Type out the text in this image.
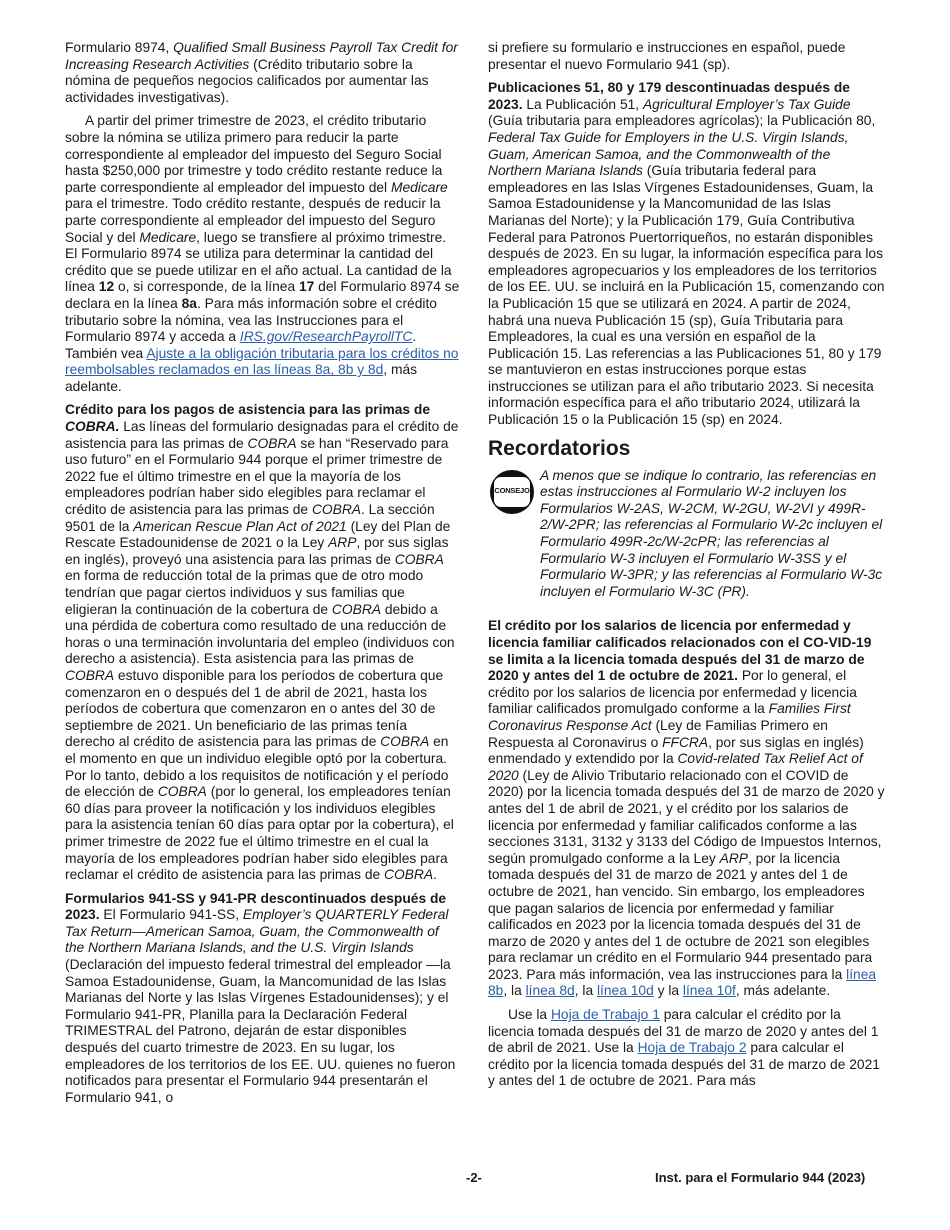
Formulario 8974, Qualified Small Business Payroll Tax Credit for Increasing Research Activities (Crédito tributario sobre la nómina de pequeños negocios calificados por aumentar las actividades investigativas).

A partir del primer trimestre de 2023, el crédito tributario sobre la nómina se utiliza primero para reducir la parte correspondiente al empleador del impuesto del Seguro Social hasta $250,000 por trimestre y todo crédito restante reduce la parte correspondiente al empleador del impuesto del Medicare para el trimestre. Todo crédito restante, después de reducir la parte correspondiente al empleador del impuesto del Seguro Social y del Medicare, luego se transfiere al próximo trimestre. El Formulario 8974 se utiliza para determinar la cantidad del crédito que se puede utilizar en el año actual. La cantidad de la línea 12 o, si corresponde, de la línea 17 del Formulario 8974 se declara en la línea 8a. Para más información sobre el crédito tributario sobre la nómina, vea las Instrucciones para el Formulario 8974 y acceda a IRS.gov/ResearchPayrollTC. También vea Ajuste a la obligación tributaria para los créditos no reembolsables reclamados en las líneas 8a, 8b y 8d, más adelante.

Crédito para los pagos de asistencia para las primas de COBRA. Las líneas del formulario designadas para el crédito de asistencia para las primas de COBRA se han “Reservado para uso futuro” en el Formulario 944 porque el primer trimestre de 2022 fue el último trimestre en el que la mayoría de los empleadores podrían haber sido elegibles para reclamar el crédito de asistencia para las primas de COBRA. La sección 9501 de la American Rescue Plan Act of 2021 (Ley del Plan de Rescate Estadounidense de 2021 o la Ley ARP, por sus siglas en inglés), proveyó una asistencia para las primas de COBRA en forma de reducción total de la primas que de otro modo tendrían que pagar ciertos individuos y sus familias que eligieran la continuación de la cobertura de COBRA debido a una pérdida de cobertura como resultado de una reducción de horas o una terminación involuntaria del empleo (individuos con derecho a asistencia). Esta asistencia para las primas de COBRA estuvo disponible para los períodos de cobertura que comenzaron en o después del 1 de abril de 2021, hasta los períodos de cobertura que comenzaron en o antes del 30 de septiembre de 2021. Un beneficiario de las primas tenía derecho al crédito de asistencia para las primas de COBRA en el momento en que un individuo elegible optó por la cobertura. Por lo tanto, debido a los requisitos de notificación y el período de elección de COBRA (por lo general, los empleadores tenían 60 días para proveer la notificación y los individuos elegibles para la asistencia tenían 60 días para optar por la cobertura), el primer trimestre de 2022 fue el último trimestre en el cual la mayoría de los empleadores podrían haber sido elegibles para reclamar el crédito de asistencia para las primas de COBRA.

Formularios 941-SS y 941-PR descontinuados después de 2023. El Formulario 941-SS, Employer’s QUARTERLY Federal Tax Return—American Samoa, Guam, the Commonwealth of the Northern Mariana Islands, and the U.S. Virgin Islands (Declaración del impuesto federal trimestral del empleador —la Samoa Estadounidense, Guam, la Mancomunidad de las Islas Marianas del Norte y las Islas Vírgenes Estadounidenses); y el Formulario 941-PR, Planilla para la Declaración Federal TRIMESTRAL del Patrono, dejarán de estar disponibles después del cuarto trimestre de 2023. En su lugar, los empleadores de los territorios de los EE. UU. quienes no fueron notificados para presentar el Formulario 944 presentarán el Formulario 941, o

si prefiere su formulario e instrucciones en español, puede presentar el nuevo Formulario 941 (sp).

Publicaciones 51, 80 y 179 descontinuadas después de 2023. La Publicación 51, Agricultural Employer’s Tax Guide (Guía tributaria para empleadores agrícolas); la Publicación 80, Federal Tax Guide for Employers in the U.S. Virgin Islands, Guam, American Samoa, and the Commonwealth of the Northern Mariana Islands (Guía tributaria federal para empleadores en las Islas Vírgenes Estadounidenses, Guam, la Samoa Estadounidense y la Mancomunidad de las Islas Marianas del Norte); y la Publicación 179, Guía Contributiva Federal para Patronos Puertorriqueños, no estarán disponibles después de 2023. En su lugar, la información específica para los empleadores agropecuarios y los empleadores de los territorios de los EE. UU. se incluirá en la Publicación 15, comenzando con la Publicación 15 que se utilizará en 2024. A partir de 2024, habrá una nueva Publicación 15 (sp), Guía Tributaria para Empleadores, la cual es una versión en español de la Publicación 15. Las referencias a las Publicaciones 51, 80 y 179 se mantuvieron en estas instrucciones porque estas instrucciones se utilizan para el año tributario 2023. Si necesita información específica para el año tributario 2024, utilizará la Publicación 15 o la Publicación 15 (sp) en 2024.

Recordatorios
CONSEJO
A menos que se indique lo contrario, las referencias en estas instrucciones al Formulario W-2 incluyen los Formularios W-2AS, W-2CM, W-2GU, W-2VI y 499R-2/W-2PR; las referencias al Formulario W-2c incluyen el Formulario 499R-2c/W-2cPR; las referencias al Formulario W-3 incluyen el Formulario W-3SS y el Formulario W-3PR; y las referencias al Formulario W-3c incluyen el Formulario W-3C (PR).

El crédito por los salarios de licencia por enfermedad y licencia familiar calificados relacionados con el CO-VID-19 se limita a la licencia tomada después del 31 de marzo de 2020 y antes del 1 de octubre de 2021. Por lo general, el crédito por los salarios de licencia por enfermedad y licencia familiar calificados promulgado conforme a la Families First Coronavirus Response Act (Ley de Familias Primero en Respuesta al Coronavirus o FFCRA, por sus siglas en inglés) enmendado y extendido por la Covid-related Tax Relief Act of 2020 (Ley de Alivio Tributario relacionado con el COVID de 2020) por la licencia tomada después del 31 de marzo de 2020 y antes del 1 de abril de 2021, y el crédito por los salarios de licencia por enfermedad y familiar calificados conforme a las secciones 3131, 3132 y 3133 del Código de Impuestos Internos, según promulgado conforme a la Ley ARP, por la licencia tomada después del 31 de marzo de 2021 y antes del 1 de octubre de 2021, han vencido. Sin embargo, los empleadores que pagan salarios de licencia por enfermedad y familiar calificados en 2023 por la licencia tomada después del 31 de marzo de 2020 y antes del 1 de octubre de 2021 son elegibles para reclamar un crédito en el Formulario 944 presentado para 2023. Para más información, vea las instrucciones para la línea 8b, la línea 8d, la línea 10d y la línea 10f, más adelante.

Use la Hoja de Trabajo 1 para calcular el crédito por la licencia tomada después del 31 de marzo de 2020 y antes del 1 de abril de 2021. Use la Hoja de Trabajo 2 para calcular el crédito por la licencia tomada después del 31 de marzo de 2021 y antes del 1 de octubre de 2021. Para más

-2-	Inst. para el Formulario 944 (2023)
